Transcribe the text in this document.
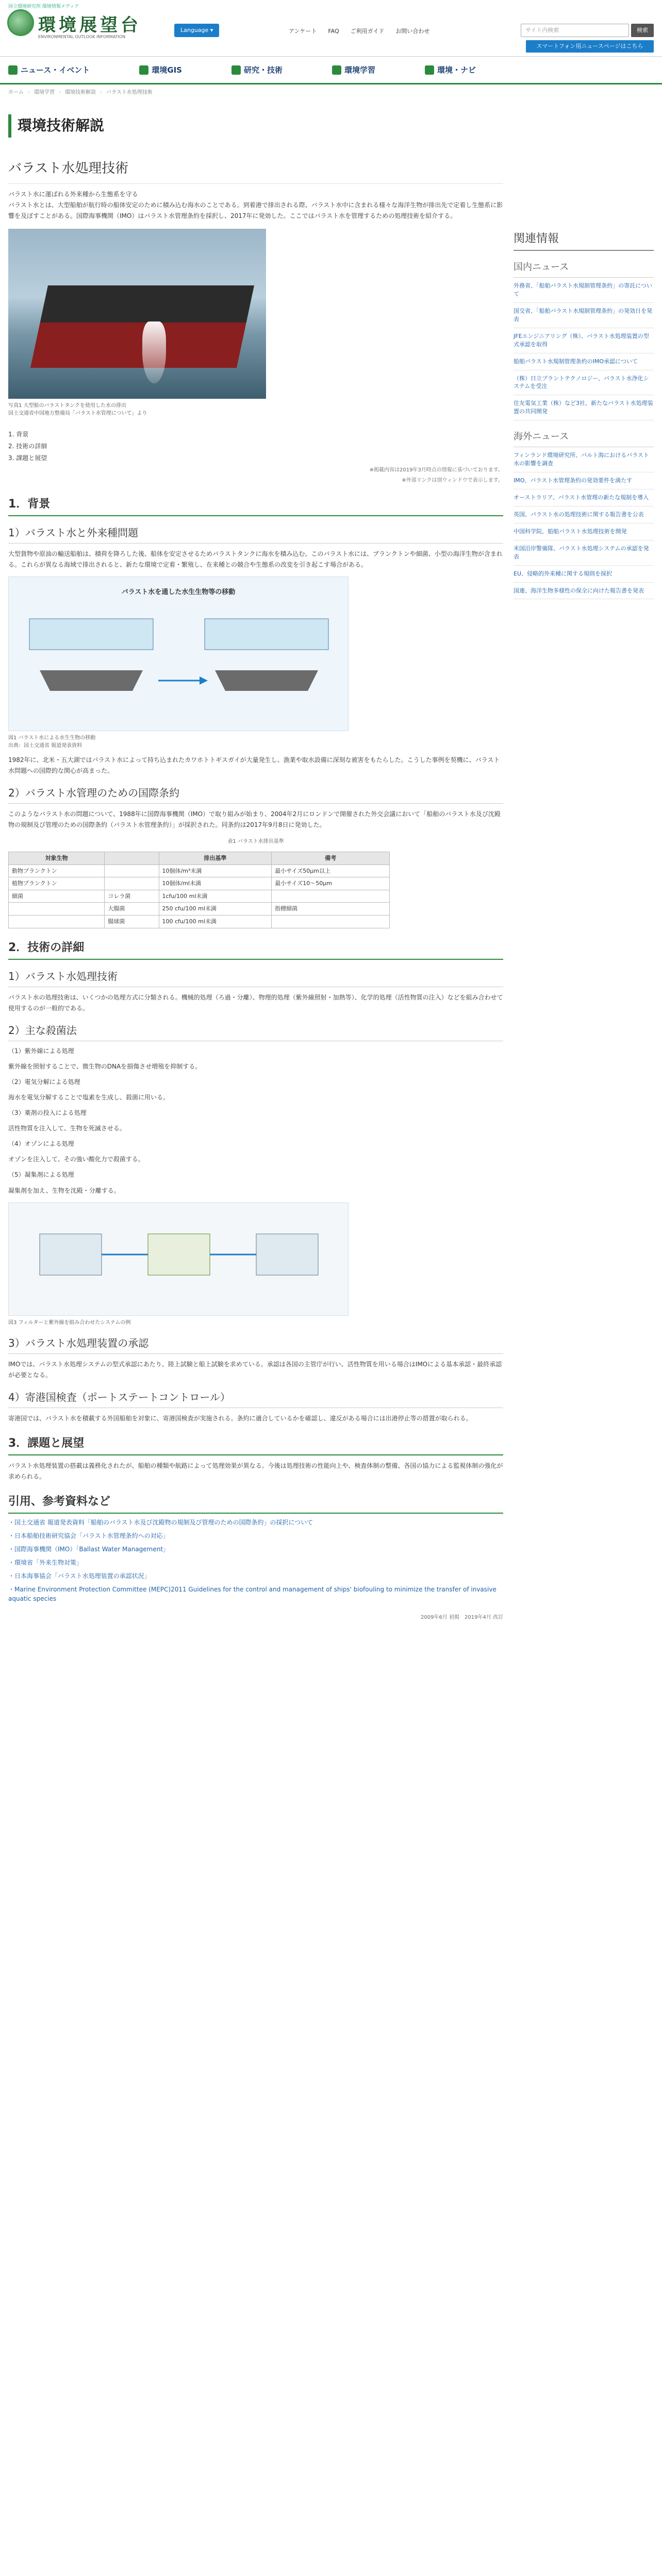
国立環境研究所 環境情報メディア
環境展望台
ENVIRONMENTAL OUTLOOK INFORMATION
Language ▾	アンケート FAQ ご利用ガイド お問い合わせ	サイト内検索	検索
スマートフォン用ニュースページはこちら
ニュース・イベント	環境GIS	研究・技術	環境学習	環境・ナビ
ホーム › 環境学習 › 環境技術解説 › バラスト水処理技術
環境技術解説
バラスト水処理技術
バラスト水に運ばれる外来種から生態系を守る
バラスト水とは、大型船舶が航行時の船体安定のために積み込む海水のことである。到着港で排出される際、バラスト水中に含まれる様々な海洋生物が排出先で定着し生態系に影響を及ぼすことがある。国際海事機関（IMO）はバラスト水管理条約を採択し、2017年に発効した。ここではバラスト水を管理するための処理技術を紹介する。
写真1 大型船のバラストタンクを使用した水の排出
国土交通省中国地方整備局「バラスト水管理について」より
1. 背景
2. 技術の詳細
3. 課題と展望
※掲載内容は2019年3月時点の情報に基づいております。
※外部リンクは別ウィンドウで表示します。
1．背景
1）バラスト水と外来種問題
大型貨物や原油の輸送船舶は、積荷を降ろした後、船体を安定させるためバラストタンクに海水を積み込む。このバラスト水には、プランクトンや細菌、小型の海洋生物が含まれる。これらが異なる海域で排出されると、新たな環境で定着・繁殖し、在来種との競合や生態系の改変を引き起こす場合がある。
バラスト水を通した水生生物等の移動
図1 バラスト水による水生生物の移動
出典：国土交通省 報道発表資料
1982年に、北米・五大湖ではバラスト水によって持ち込まれたカワホトトギスガイが大量発生し、漁業や取水設備に深刻な被害をもたらした。こうした事例を契機に、バラスト水問題への国際的な関心が高まった。
2）バラスト水管理のための国際条約
このようなバラスト水の問題について、1988年に国際海事機関（IMO）で取り組みが始まり、2004年2月にロンドンで開催された外交会議において「船舶のバラスト水及び沈殿物の規制及び管理のための国際条約（バラスト水管理条約）」が採択された。同条約は2017年9月8日に発効した。
表1 バラスト水排出基準
対象生物		排出基準	備考
動物プランクトン		10個体/m³未満	最小サイズ50μm以上
植物プランクトン		10個体/ml未満	最小サイズ10〜50μm
細菌	コレラ菌	1cfu/100 ml未満	
	大腸菌	250 cfu/100 ml未満	指標細菌
	腸球菌	100 cfu/100 ml未満	
2．技術の詳細
1）バラスト水処理技術
バラスト水の処理技術は、いくつかの処理方式に分類される。機械的処理（ろ過・分離）、物理的処理（紫外線照射・加熱等）、化学的処理（活性物質の注入）などを組み合わせて使用するのが一般的である。
2）主な殺菌法
（1）紫外線による処理
紫外線を照射することで、微生物のDNAを損傷させ増殖を抑制する。
（2）電気分解による処理
海水を電気分解することで塩素を生成し、殺菌に用いる。
（3）薬剤の投入による処理
活性物質を注入して、生物を死滅させる。
（4）オゾンによる処理
オゾンを注入して、その強い酸化力で殺菌する。
（5）凝集剤による処理
凝集剤を加え、生物を沈殿・分離する。
図3 フィルターと紫外線を組み合わせたシステムの例
3）バラスト水処理装置の承認
IMOでは、バラスト水処理システムの型式承認にあたり、陸上試験と船上試験を求めている。承認は各国の主管庁が行い、活性物質を用いる場合はIMOによる基本承認・最終承認が必要となる。
4）寄港国検査（ポートステートコントロール）
寄港国では、バラスト水を積載する外国船舶を対象に、寄港国検査が実施される。条約に適合しているかを確認し、違反がある場合には出港停止等の措置が取られる。
3．課題と展望
バラスト水処理装置の搭載は義務化されたが、船舶の種類や航路によって処理効果が異なる。今後は処理技術の性能向上や、検査体制の整備、各国の協力による監視体制の強化が求められる。
引用、参考資料など

・国土交通省 報道発表資料「船舶のバラスト水及び沈殿物の規制及び管理のための国際条約」の採択について

・日本船舶技術研究協会「バラスト水管理条約への対応」

・国際海事機関（IMO）「Ballast Water Management」

・環境省「外来生物対策」

・日本海事協会「バラスト水処理装置の承認状況」

・Marine Environment Protection Committee (MEPC)2011 Guidelines for the control and management of ships' biofouling to minimize the transfer of invasive aquatic species

2009年6月 初掲　2019年4月 改訂
関連情報
国内ニュース
外務省、「船舶バラスト水規制管理条約」の寄託について
国交省、「船舶バラスト水規制管理条約」の発効日を発表
JFEエンジニアリング（株）、バラスト水処理装置の型式承認を取得
船舶バラスト水規制管理条約のIMO承認について
（株）日立プラントテクノロジー、バラスト水浄化システムを受注
住友電気工業（株）など3社、新たなバラスト水処理装置の共同開発
海外ニュース
フィンランド環境研究所、バルト海におけるバラスト水の影響を調査
IMO、バラスト水管理条約の発効要件を満たす
オーストラリア、バラスト水管理の新たな規制を導入
英国、バラスト水の処理技術に関する報告書を公表
中国科学院、船舶バラスト水処理技術を開発
米国沿岸警備隊、バラスト水処理システムの承認を発表
EU、侵略的外来種に関する規則を採択
国連、海洋生物多様性の保全に向けた報告書を発表
